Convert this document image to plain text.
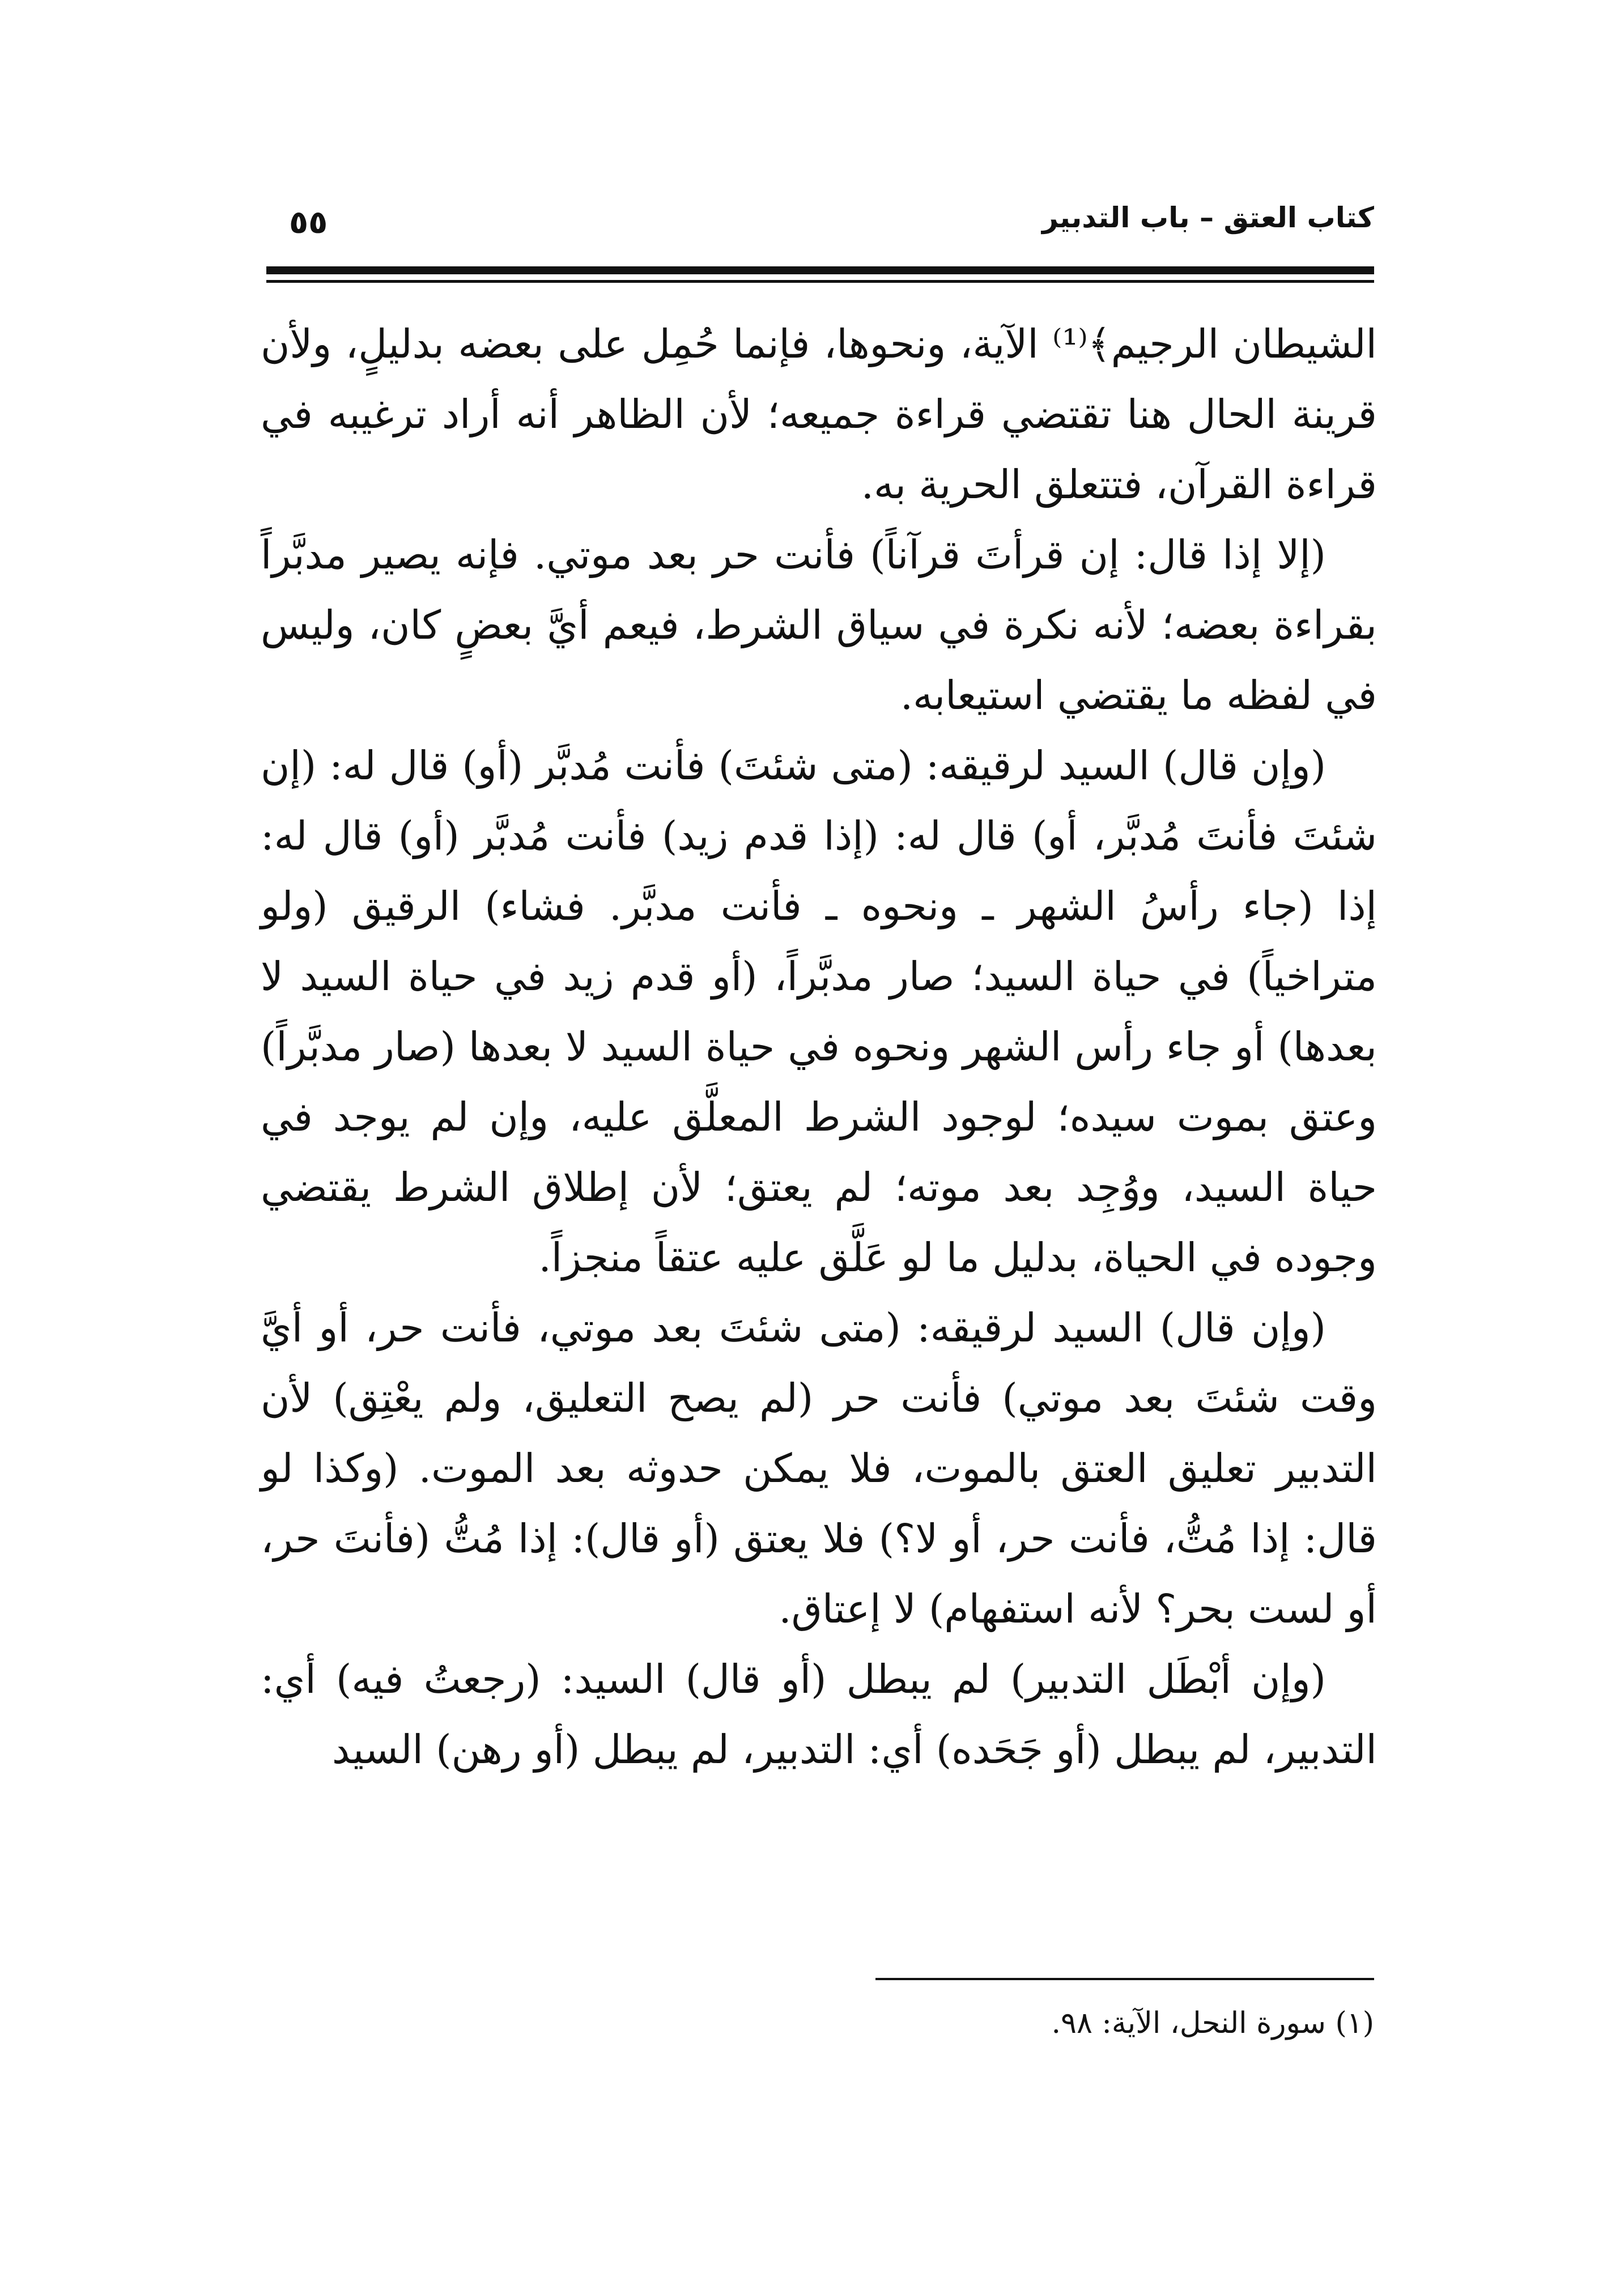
كتاب العتق – باب التدبير
٥٥

الشيطان الرجيم﴾⁽¹⁾ الآية، ونحوها، فإنما حُمِل على بعضه بدليلٍ، ولأن قرينة الحال هنا تقتضي قراءة جميعه؛ لأن الظاهر أنه أراد ترغيبه في قراءة القرآن، فتتعلق الحرية به.

(إلا إذا قال: إن قرأتَ قرآناً) فأنت حر بعد موتي. فإنه يصير مدبَّراً بقراءة بعضه؛ لأنه نكرة في سياق الشرط، فيعم أيَّ بعضٍ كان، وليس في لفظه ما يقتضي استيعابه.

(وإن قال) السيد لرقيقه: (متى شئتَ) فأنت مُدبَّر (أو) قال له: (إن شئتَ فأنتَ مُدبَّر، أو) قال له: (إذا قدم زيد) فأنت مُدبَّر (أو) قال له: إذا (جاء رأسُ الشهر ـ ونحوه ـ فأنت مدبَّر. فشاء) الرقيق (ولو متراخياً) في حياة السيد؛ صار مدبَّراً، (أو قدم زيد في حياة السيد لا بعدها) أو جاء رأس الشهر ونحوه في حياة السيد لا بعدها (صار مدبَّراً) وعتق بموت سيده؛ لوجود الشرط المعلَّق عليه، وإن لم يوجد في حياة السيد، ووُجِد بعد موته؛ لم يعتق؛ لأن إطلاق الشرط يقتضي وجوده في الحياة، بدليل ما لو عَلَّق عليه عتقاً منجزاً.

(وإن قال) السيد لرقيقه: (متى شئتَ بعد موتي، فأنت حر، أو أيَّ وقت شئتَ بعد موتي) فأنت حر (لم يصح التعليق، ولم يعْتِق) لأن التدبير تعليق العتق بالموت، فلا يمكن حدوثه بعد الموت. (وكذا لو قال: إذا مُتُّ، فأنت حر، أو لا؟) فلا يعتق (أو قال): إذا مُتُّ (فأنتَ حر، أو لست بحر؟ لأنه استفهام) لا إعتاق.

(وإن أبْطَل التدبير) لم يبطل (أو قال) السيد: (رجعتُ فيه) أي: التدبير، لم يبطل (أو جَحَده) أي: التدبير، لم يبطل (أو رهن) السيد

(١) سورة النحل، الآية: ٩٨.
